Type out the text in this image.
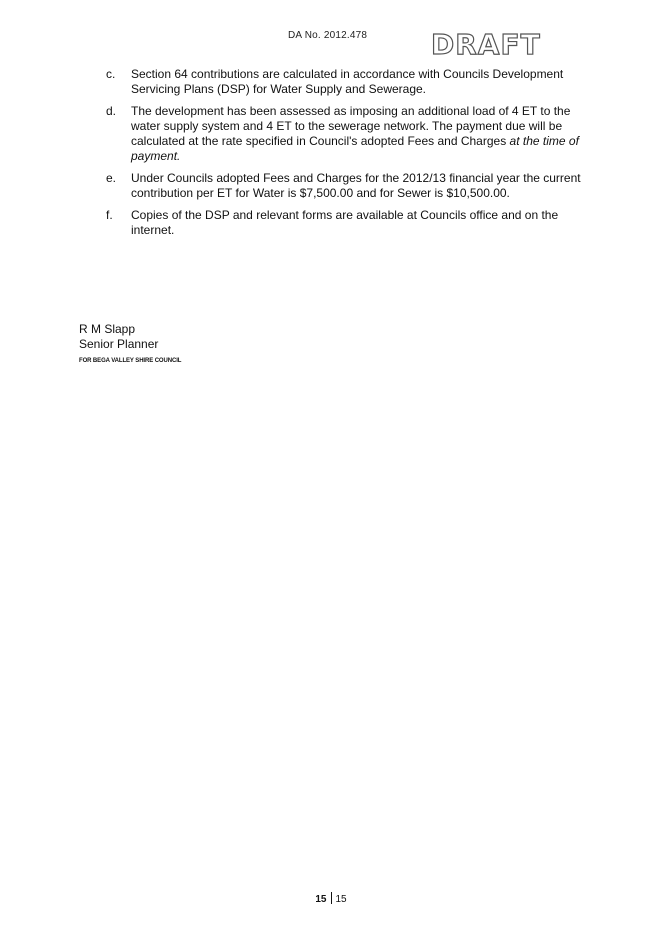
DA No. 2012.478 DRAFT
c.	Section 64 contributions are calculated in accordance with Councils Development Servicing Plans (DSP) for Water Supply and Sewerage.
d.	The development has been assessed as imposing an additional load of 4 ET to the water supply system and 4 ET to the sewerage network. The payment due will be calculated at the rate specified in Council's adopted Fees and Charges at the time of payment.
e.	Under Councils adopted Fees and Charges for the 2012/13 financial year the current contribution per ET for Water is $7,500.00 and for Sewer is $10,500.00.
f.	Copies of the DSP and relevant forms are available at Councils office and on the internet.
R M Slapp
Senior Planner
FOR BEGA VALLEY SHIRE COUNCIL
15 15
